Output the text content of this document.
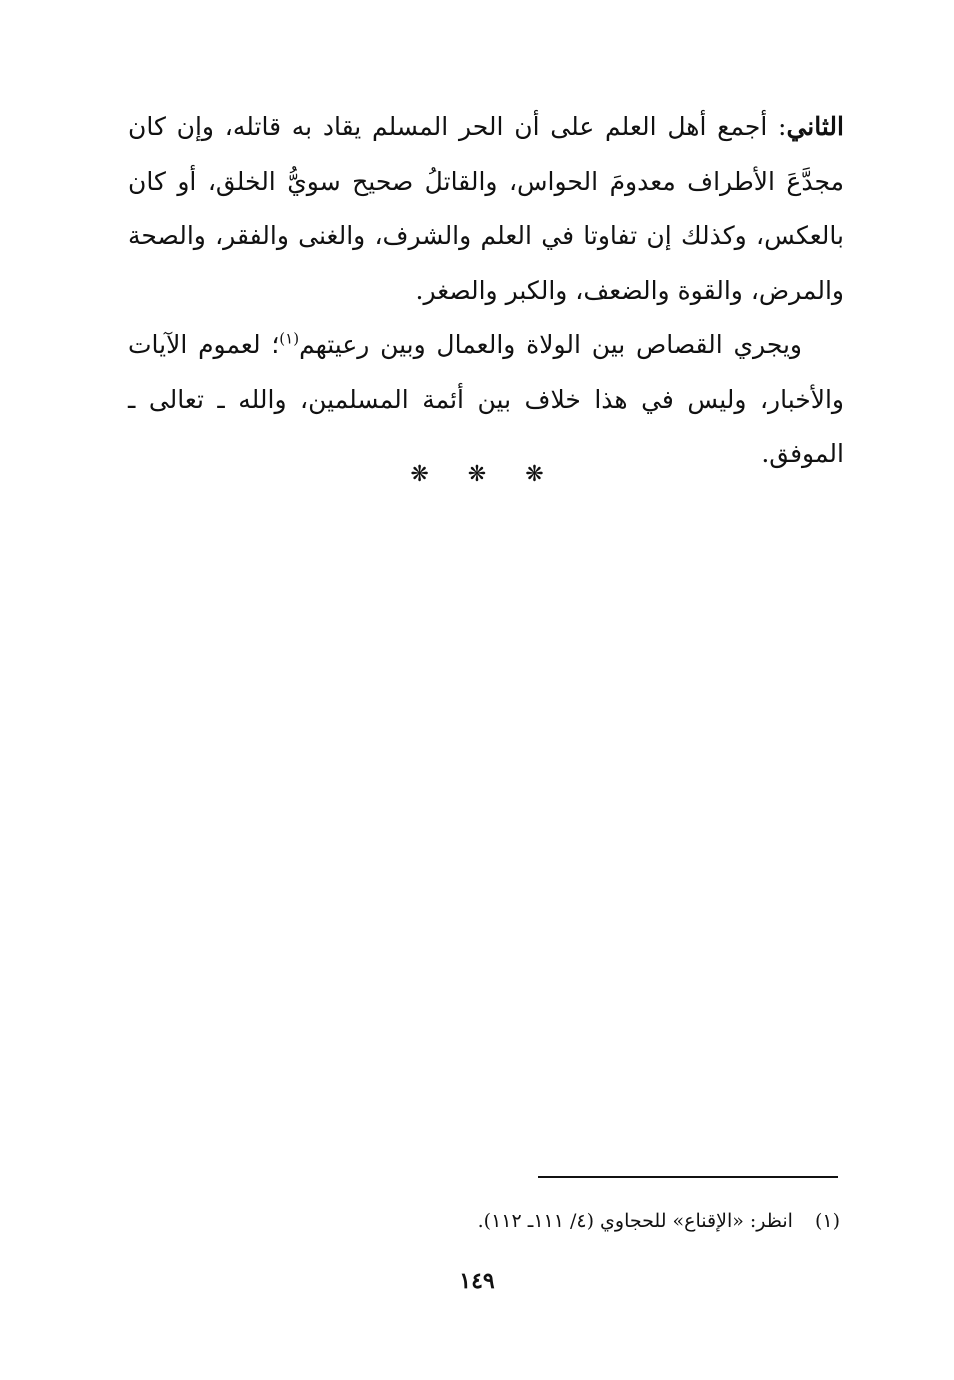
الثاني: أجمع أهل العلم على أن الحر المسلم يقاد به قاتله، وإن كان مجدَّعَ الأطراف معدومَ الحواس، والقاتلُ صحيح سويُّ الخلق، أو كان بالعكس، وكذلك إن تفاوتا في العلم والشرف، والغنى والفقر، والصحة والمرض، والقوة والضعف، والكبر والصغر.

ويجري القصاص بين الولاة والعمال وبين رعيتهم$^{(١)}$؛ لعموم الآيات والأخبار، وليس في هذا خلاف بين أئمة المسلمين، والله ـ تعالى ـ الموفق.

❋ ❋ ❋
(١)انظر: «الإقناع» للحجاوي (٤/ ١١١ـ ١١٢).
١٤٩
